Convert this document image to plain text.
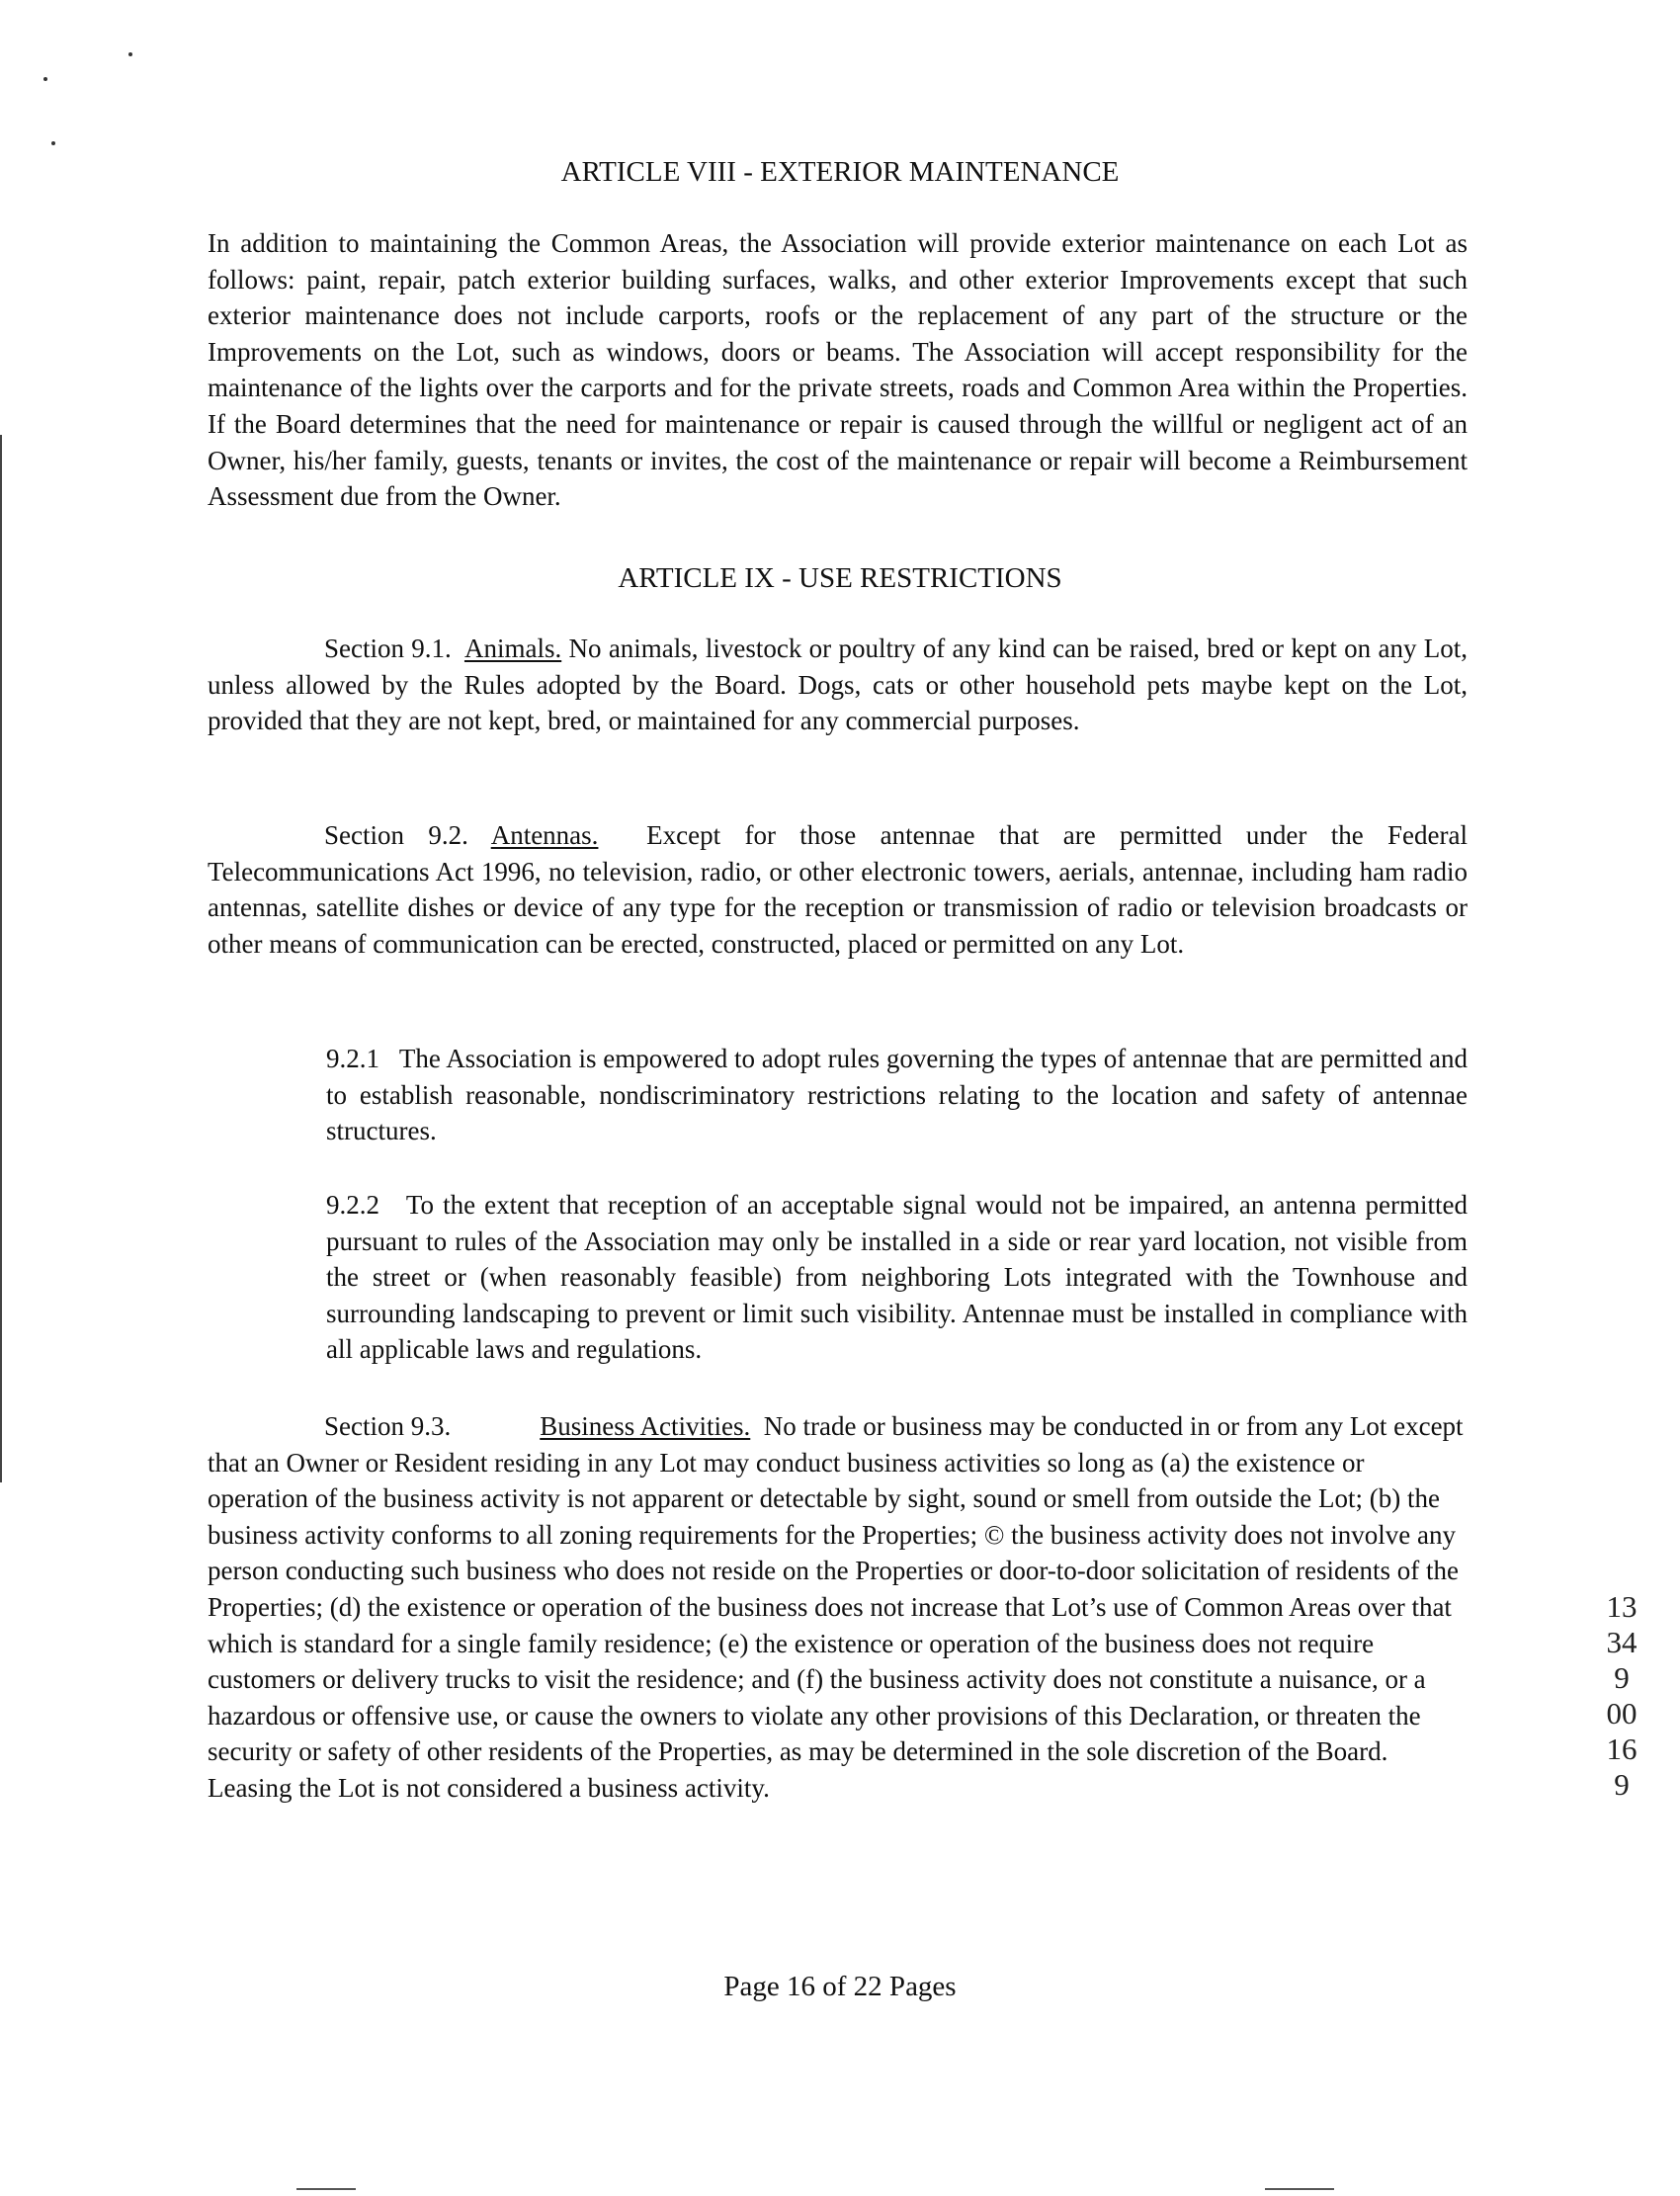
ARTICLE VIII - EXTERIOR MAINTENANCE

In addition to maintaining the Common Areas, the Association will provide exterior maintenance on each Lot as follows: paint, repair, patch exterior building surfaces, walks, and other exterior Improvements except that such exterior maintenance does not include carports, roofs or the replacement of any part of the structure or the Improvements on the Lot, such as windows, doors or beams. The Association will accept responsibility for the maintenance of the lights over the carports and for the private streets, roads and Common Area within the Properties. If the Board determines that the need for maintenance or repair is caused through the willful or negligent act of an Owner, his/her family, guests, tenants or invites, the cost of the maintenance or repair will become a Reimbursement Assessment due from the Owner.

ARTICLE IX - USE RESTRICTIONS

Section 9.1. Animals. No animals, livestock or poultry of any kind can be raised, bred or kept on any Lot, unless allowed by the Rules adopted by the Board. Dogs, cats or other household pets maybe kept on the Lot, provided that they are not kept, bred, or maintained for any commercial purposes.

Section 9.2. Antennas. Except for those antennae that are permitted under the Federal Telecommunications Act 1996, no television, radio, or other electronic towers, aerials, antennae, including ham radio antennas, satellite dishes or device of any type for the reception or transmission of radio or television broadcasts or other means of communication can be erected, constructed, placed or permitted on any Lot.

9.2.1 The Association is empowered to adopt rules governing the types of antennae that are permitted and to establish reasonable, nondiscriminatory restrictions relating to the location and safety of antennae structures.

9.2.2 To the extent that reception of an acceptable signal would not be impaired, an antenna permitted pursuant to rules of the Association may only be installed in a side or rear yard location, not visible from the street or (when reasonably feasible) from neighboring Lots integrated with the Townhouse and surrounding landscaping to prevent or limit such visibility. Antennae must be installed in compliance with all applicable laws and regulations.

Section 9.3.	Business Activities. No trade or business may be conducted in or from any Lot except that an Owner or Resident residing in any Lot may conduct business activities so long as (a) the existence or operation of the business activity is not apparent or detectable by sight, sound or smell from outside the Lot; (b) the business activity conforms to all zoning requirements for the Properties; © the business activity does not involve any person conducting such business who does not reside on the Properties or door-to-door solicitation of residents of the Properties; (d) the existence or operation of the business does not increase that Lot’s use of Common Areas over that which is standard for a single family residence; (e) the existence or operation of the business does not require customers or delivery trucks to visit the residence; and (f) the business activity does not constitute a nuisance, or a hazardous or offensive use, or cause the owners to violate any other provisions of this Declaration, or threaten the security or safety of other residents of the Properties, as may be determined in the sole discretion of the Board. Leasing the Lot is not considered a business activity.

13349 00169
Page 16 of 22 Pages
